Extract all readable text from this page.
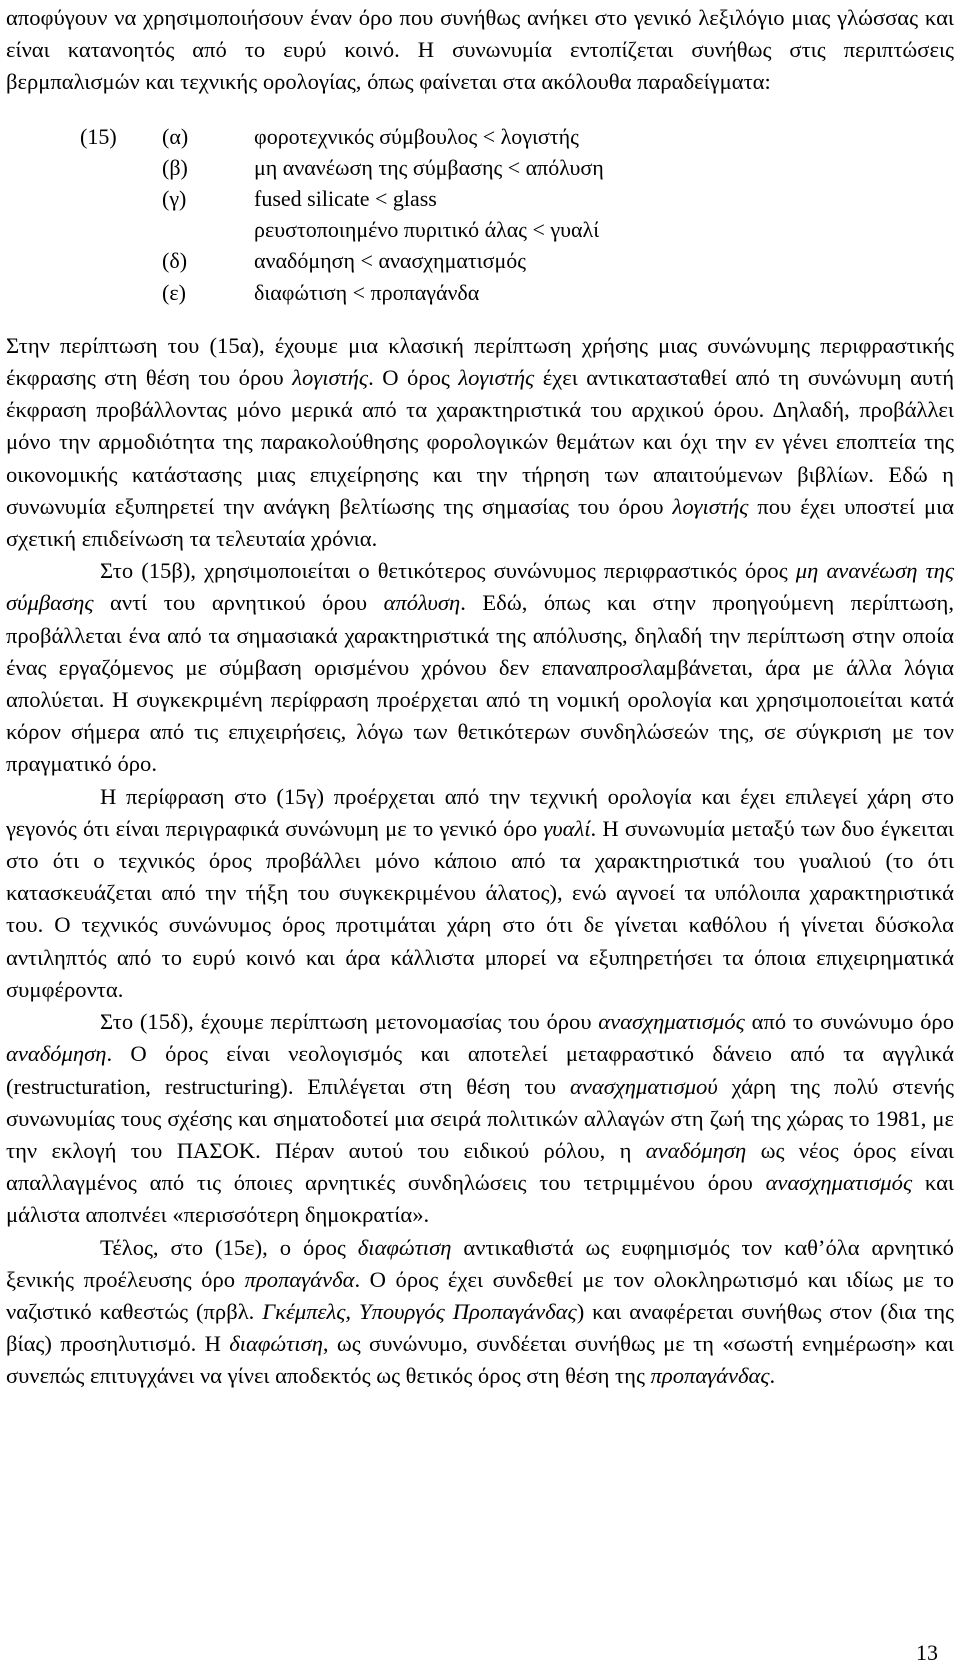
αποφύγουν να χρησιμοποιήσουν έναν όρο που συνήθως ανήκει στο γενικό λεξιλόγιο μιας γλώσσας και είναι κατανοητός από το ευρύ κοινό. Η συνωνυμία εντοπίζεται συνήθως στις περιπτώσεις βερμπαλισμών και τεχνικής ορολογίας, όπως φαίνεται στα ακόλουθα παραδείγματα:

(15)	(α)	φοροτεχνικός σύμβουλος < λογιστής
(β)	μη ανανέωση της σύμβασης < απόλυση
(γ)	fused silicate < glass
ρευστοποιημένο πυριτικό άλας < γυαλί
(δ)	αναδόμηση < ανασχηματισμός
(ε)	διαφώτιση < προπαγάνδα

Στην περίπτωση του (15α), έχουμε μια κλασική περίπτωση χρήσης μιας συνώνυμης περιφραστικής έκφρασης στη θέση του όρου λογιστής. Ο όρος λογιστής έχει αντικατασταθεί από τη συνώνυμη αυτή έκφραση προβάλλοντας μόνο μερικά από τα χαρακτηριστικά του αρχικού όρου. Δηλαδή, προβάλλει μόνο την αρμοδιότητα της παρακολούθησης φορολογικών θεμάτων και όχι την εν γένει εποπτεία της οικονομικής κατάστασης μιας επιχείρησης και την τήρηση των απαιτούμενων βιβλίων. Εδώ η συνωνυμία εξυπηρετεί την ανάγκη βελτίωσης της σημασίας του όρου λογιστής που έχει υποστεί μια σχετική επιδείνωση τα τελευταία χρόνια.

Στο (15β), χρησιμοποιείται ο θετικότερος συνώνυμος περιφραστικός όρος μη ανανέωση της σύμβασης αντί του αρνητικού όρου απόλυση. Εδώ, όπως και στην προηγούμενη περίπτωση, προβάλλεται ένα από τα σημασιακά χαρακτηριστικά της απόλυσης, δηλαδή την περίπτωση στην οποία ένας εργαζόμενος με σύμβαση ορισμένου χρόνου δεν επαναπροσλαμβάνεται, άρα με άλλα λόγια απολύεται. Η συγκεκριμένη περίφραση προέρχεται από τη νομική ορολογία και χρησιμοποιείται κατά κόρον σήμερα από τις επιχειρήσεις, λόγω των θετικότερων συνδηλώσεών της, σε σύγκριση με τον πραγματικό όρο.

Η περίφραση στο (15γ) προέρχεται από την τεχνική ορολογία και έχει επιλεγεί χάρη στο γεγονός ότι είναι περιγραφικά συνώνυμη με το γενικό όρο γυαλί. Η συνωνυμία μεταξύ των δυο έγκειται στο ότι ο τεχνικός όρος προβάλλει μόνο κάποιο από τα χαρακτηριστικά του γυαλιού (το ότι κατασκευάζεται από την τήξη του συγκεκριμένου άλατος), ενώ αγνοεί τα υπόλοιπα χαρακτηριστικά του. Ο τεχνικός συνώνυμος όρος προτιμάται χάρη στο ότι δε γίνεται καθόλου ή γίνεται δύσκολα αντιληπτός από το ευρύ κοινό και άρα κάλλιστα μπορεί να εξυπηρετήσει τα όποια επιχειρηματικά συμφέροντα.

Στο (15δ), έχουμε περίπτωση μετονομασίας του όρου ανασχηματισμός από το συνώνυμο όρο αναδόμηση. Ο όρος είναι νεολογισμός και αποτελεί μεταφραστικό δάνειο από τα αγγλικά (restructuration, restructuring). Επιλέγεται στη θέση του ανασχηματισμού χάρη της πολύ στενής συνωνυμίας τους σχέσης και σηματοδοτεί μια σειρά πολιτικών αλλαγών στη ζωή της χώρας το 1981, με την εκλογή του ΠΑΣΟΚ. Πέραν αυτού του ειδικού ρόλου, η αναδόμηση ως νέος όρος είναι απαλλαγμένος από τις όποιες αρνητικές συνδηλώσεις του τετριμμένου όρου ανασχηματισμός και μάλιστα αποπνέει «περισσότερη δημοκρατία».

Τέλος, στο (15ε), ο όρος διαφώτιση αντικαθιστά ως ευφημισμός τον καθ’όλα αρνητικό ξενικής προέλευσης όρο προπαγάνδα. Ο όρος έχει συνδεθεί με τον ολοκληρωτισμό και ιδίως με το ναζιστικό καθεστώς (πρβλ. Γκέμπελς, Υπουργός Προπαγάνδας) και αναφέρεται συνήθως στον (δια της βίας) προσηλυτισμό. Η διαφώτιση, ως συνώνυμο, συνδέεται συνήθως με τη «σωστή ενημέρωση» και συνεπώς επιτυγχάνει να γίνει αποδεκτός ως θετικός όρος στη θέση της προπαγάνδας.

13
